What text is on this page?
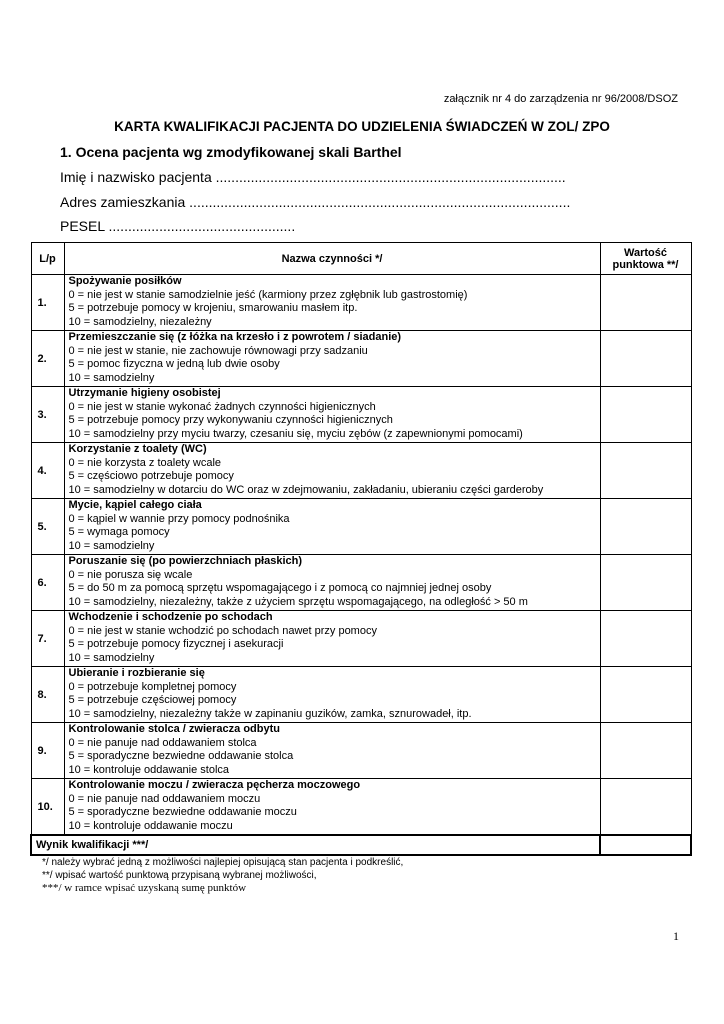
załącznik nr 4 do zarządzenia nr 96/2008/DSOZ
KARTA KWALIFIKACJI PACJENTA DO UDZIELENIA ŚWIADCZEŃ W ZOL/ ZPO
1. Ocena pacjenta wg zmodyfikowanej skali Barthel
Imię i nazwisko pacjenta ..........................................................................................
Adres zamieszkania ..................................................................................................
PESEL ................................................
L/p	Nazwa czynności */	Wartość punktowa **/
1.	Spożywanie posiłków
0 = nie jest w stanie samodzielnie jeść (karmiony przez zgłębnik lub gastrostomię)
5 = potrzebuje pomocy w krojeniu, smarowaniu masłem itp.
10 = samodzielny, niezależny	

2.	Przemieszczanie się (z łóżka na krzesło i z powrotem / siadanie)
0 = nie jest w stanie, nie zachowuje równowagi przy sadzaniu
5 = pomoc fizyczna w jedną lub dwie osoby
10 = samodzielny	

3.	Utrzymanie higieny osobistej
0 = nie jest w stanie wykonać żadnych czynności higienicznych
5 = potrzebuje pomocy przy wykonywaniu czynności higienicznych
10 = samodzielny przy myciu twarzy, czesaniu się, myciu zębów (z zapewnionymi pomocami)	

4.	Korzystanie z toalety (WC)
0 = nie korzysta z toalety wcale
5 = częściowo potrzebuje pomocy
10 = samodzielny w dotarciu do WC oraz w zdejmowaniu, zakładaniu, ubieraniu części garderoby	

5.	Mycie, kąpiel całego ciała
0 = kąpiel w wannie przy pomocy podnośnika
5 = wymaga pomocy
10 = samodzielny	

6.	Poruszanie się (po powierzchniach płaskich)
0 = nie porusza się wcale
5 = do 50 m za pomocą sprzętu wspomagającego i z pomocą co najmniej jednej osoby
10 = samodzielny, niezależny, także z użyciem sprzętu wspomagającego, na odległość > 50 m	

7.	Wchodzenie i schodzenie po schodach
0 = nie jest w stanie wchodzić po schodach nawet przy pomocy
5 = potrzebuje pomocy fizycznej i asekuracji
10 = samodzielny	

8.	Ubieranie i rozbieranie się
0 = potrzebuje kompletnej pomocy
5 = potrzebuje częściowej pomocy
10 = samodzielny, niezależny także w zapinaniu guzików, zamka, sznurowadeł, itp.	

9.	Kontrolowanie stolca / zwieracza odbytu
0 = nie panuje nad oddawaniem stolca
5 = sporadyczne bezwiedne oddawanie stolca
10 = kontroluje oddawanie stolca	

10.	Kontrolowanie moczu / zwieracza pęcherza moczowego
0 = nie panuje nad oddawaniem moczu
5 = sporadyczne bezwiedne oddawanie moczu
10 = kontroluje oddawanie moczu	

Wynik kwalifikacji ***/		
*/ należy wybrać jedną z możliwości najlepiej opisującą stan pacjenta i podkreślić,
**/ wpisać wartość punktową przypisaną wybranej możliwości,
***/ w ramce wpisać uzyskaną sumę punktów
1
